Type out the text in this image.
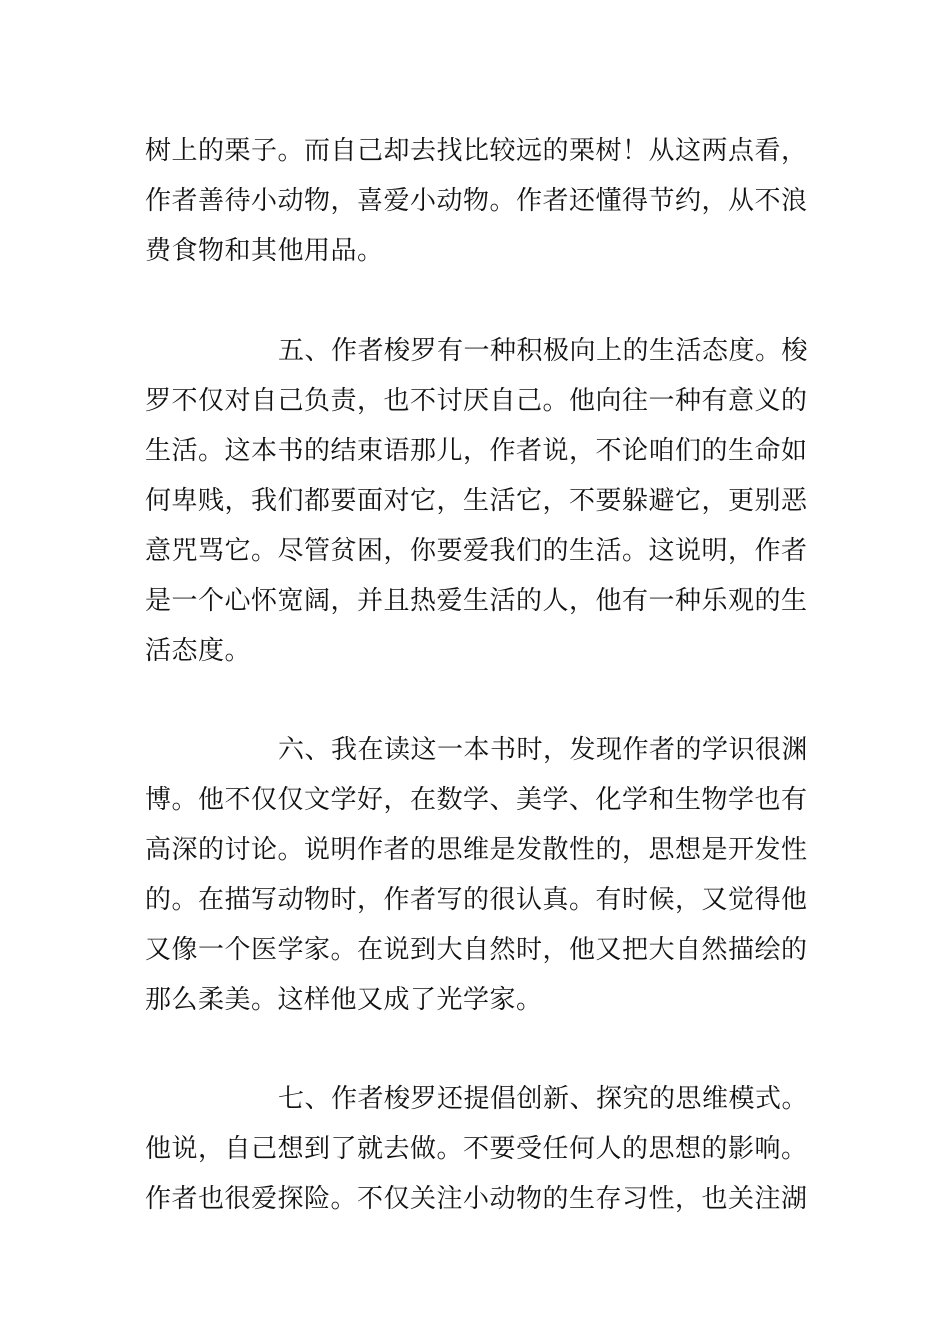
树上的栗子。而自己却去找比较远的栗树！从这两点看，
作者善待小动物，喜爱小动物。作者还懂得节约，从不浪
费食物和其他用品。
五、作者梭罗有一种积极向上的生活态度。梭
罗不仅对自己负责，也不讨厌自己。他向往一种有意义的
生活。这本书的结束语那儿，作者说，不论咱们的生命如
何卑贱，我们都要面对它，生活它，不要躲避它，更别恶
意咒骂它。尽管贫困，你要爱我们的生活。这说明，作者
是一个心怀宽阔，并且热爱生活的人，他有一种乐观的生
活态度。
六、我在读这一本书时，发现作者的学识很渊
博。他不仅仅文学好，在数学、美学、化学和生物学也有
高深的讨论。说明作者的思维是发散性的，思想是开发性
的。在描写动物时，作者写的很认真。有时候，又觉得他
又像一个医学家。在说到大自然时，他又把大自然描绘的
那么柔美。这样他又成了光学家。
七、作者梭罗还提倡创新、探究的思维模式。
他说，自己想到了就去做。不要受任何人的思想的影响。
作者也很爱探险。不仅关注小动物的生存习性，也关注湖
